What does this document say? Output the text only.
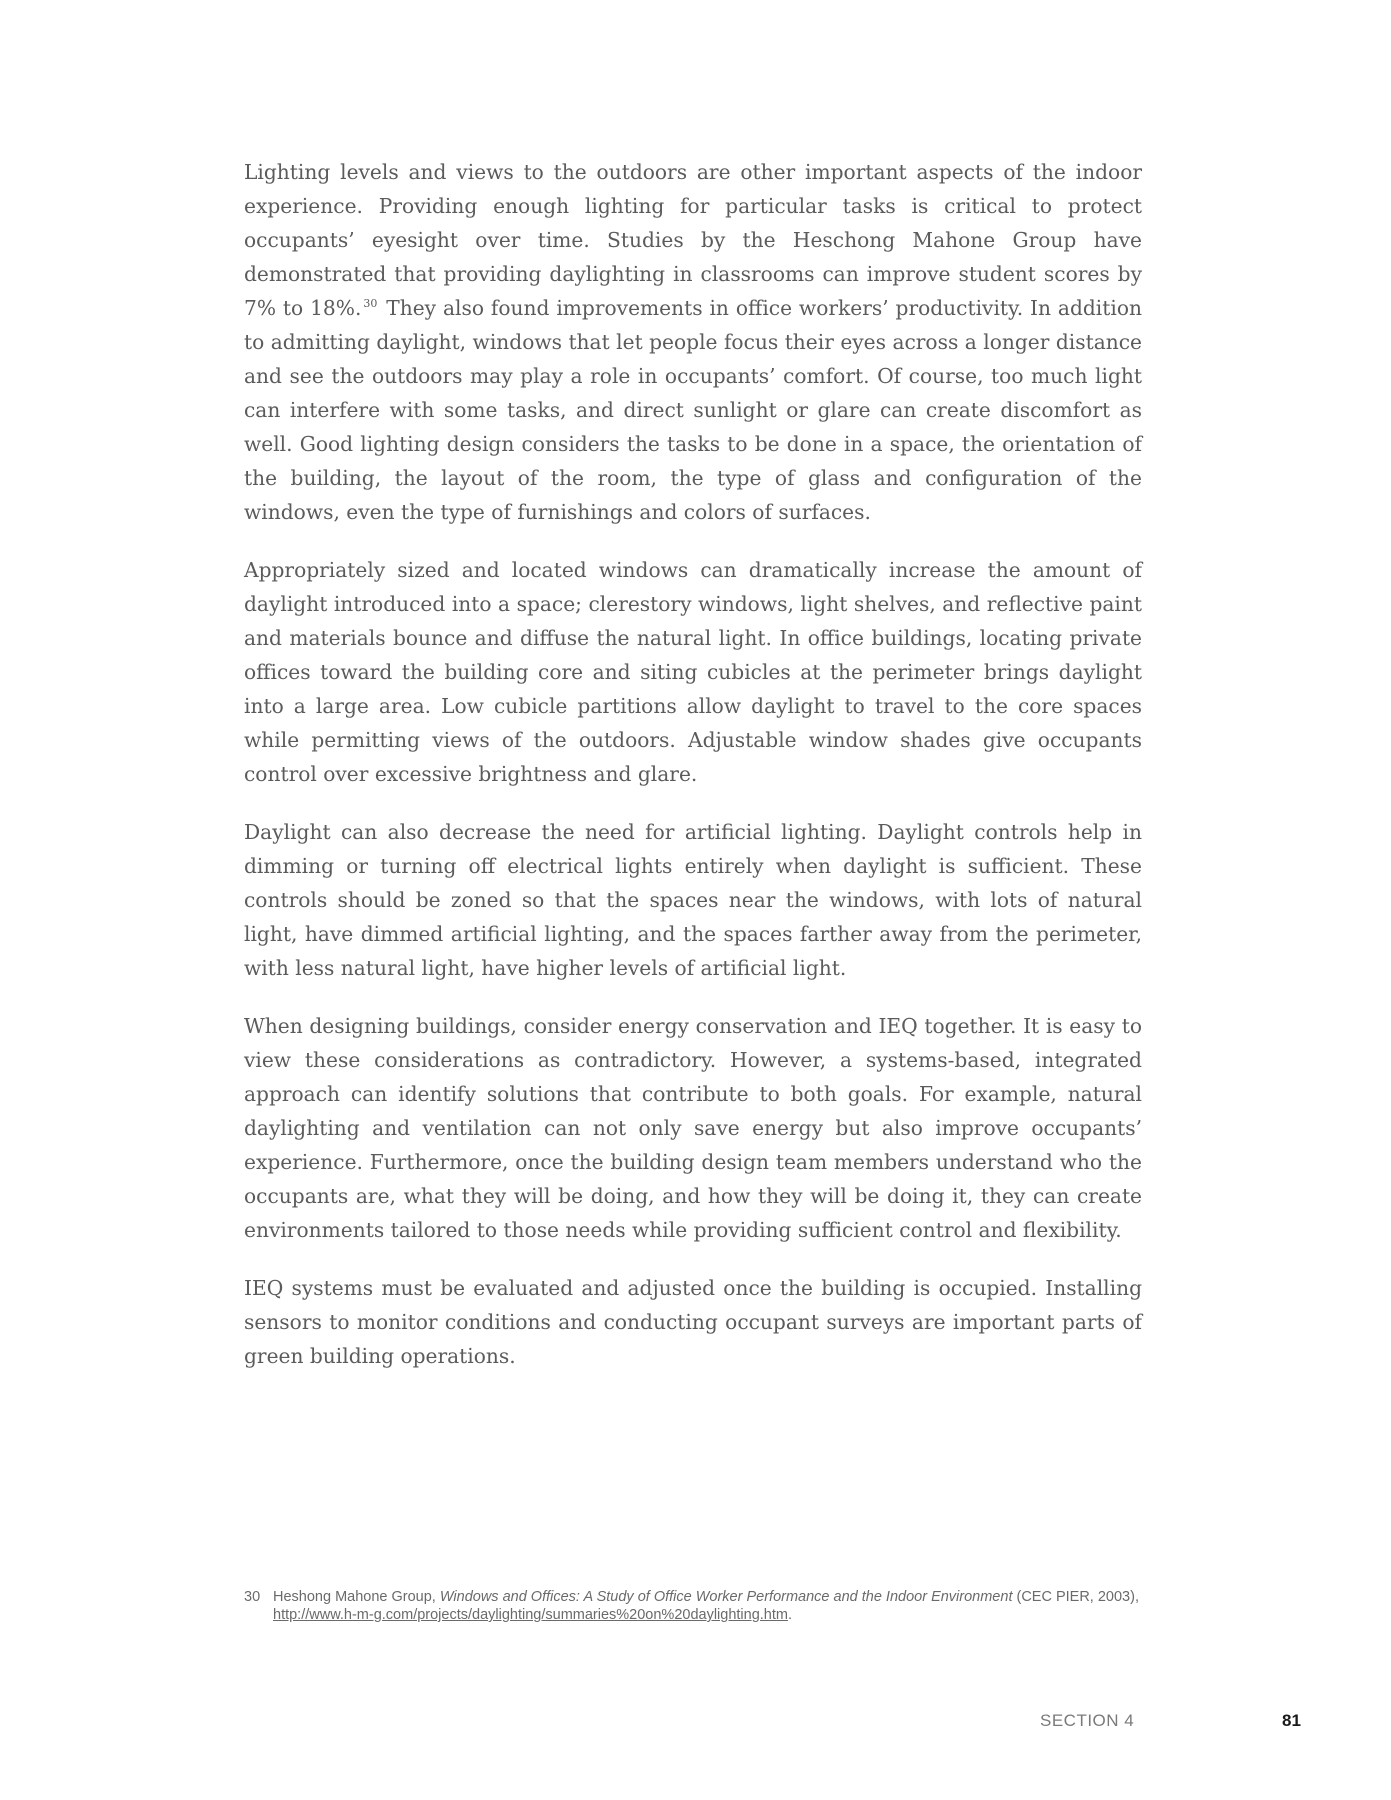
Lighting levels and views to the outdoors are other important aspects of the indoor experience. Providing enough lighting for particular tasks is critical to protect occupants’ eyesight over time. Studies by the Heschong Mahone Group have demonstrated that providing daylighting in classrooms can improve student scores by 7% to 18%. $^{30}$ They also found improvements in office workers’ productivity. In addition to admitting daylight, windows that let people focus their eyes across a longer distance and see the outdoors may play a role in occupants’ comfort. Of course, too much light can interfere with some tasks, and direct sunlight or glare can create discomfort as well. Good lighting design considers the tasks to be done in a space, the orientation of the building, the layout of the room, the type of glass and configuration of the windows, even the type of furnishings and colors of surfaces.

Appropriately sized and located windows can dramatically increase the amount of daylight introduced into a space; clerestory windows, light shelves, and reflective paint and materials bounce and diffuse the natural light. In office buildings, locating private offices toward the building core and siting cubicles at the perimeter brings daylight into a large area. Low cubicle partitions allow daylight to travel to the core spaces while permitting views of the outdoors. Adjustable window shades give occupants control over excessive brightness and glare.

Daylight can also decrease the need for artificial lighting. Daylight controls help in dimming or turning off electrical lights entirely when daylight is sufficient. These controls should be zoned so that the spaces near the windows, with lots of natural light, have dimmed artificial lighting, and the spaces farther away from the perimeter, with less natural light, have higher levels of artificial light.

When designing buildings, consider energy conservation and IEQ together. It is easy to view these considerations as contradictory. However, a systems-based, integrated approach can identify solutions that contribute to both goals. For example, natural daylighting and ventilation can not only save energy but also improve occupants’ experience. Furthermore, once the building design team members understand who the occupants are, what they will be doing, and how they will be doing it, they can create environments tailored to those needs while providing sufficient control and flexibility.

IEQ systems must be evaluated and adjusted once the building is occupied. Installing sensors to monitor conditions and conducting occupant surveys are important parts of green building operations.

30 Heshong Mahone Group, Windows and Offices: A Study of Office Worker Performance and the Indoor Environment (CEC PIER, 2003), http://www.h-m-g.com/projects/daylighting/summaries%20on%20daylighting.htm.
SECTION 4	81
